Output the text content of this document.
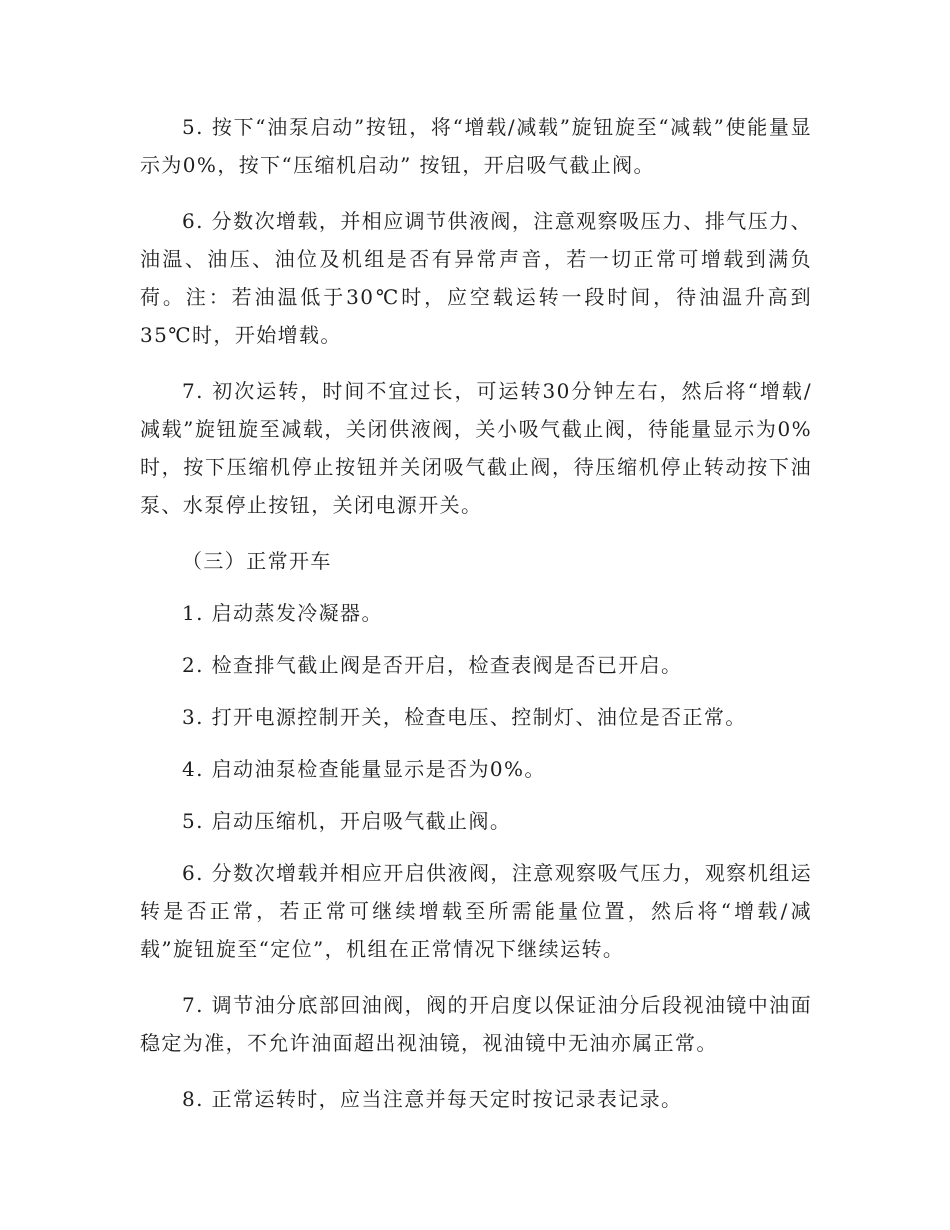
5. 按下“油泵启动”按钮，将“增载/减载”旋钮旋至“减载”使能量显示为0%，按下“压缩机启动” 按钮，开启吸气截止阀。

6. 分数次增载，并相应调节供液阀，注意观察吸压力、排气压力、油温、油压、油位及机组是否有异常声音，若一切正常可增载到满负荷。注：若油温低于30℃时，应空载运转一段时间，待油温升高到35℃时，开始增载。

7. 初次运转，时间不宜过长，可运转30分钟左右，然后将“增载/减载”旋钮旋至减载，关闭供液阀，关小吸气截止阀，待能量显示为0%时，按下压缩机停止按钮并关闭吸气截止阀，待压缩机停止转动按下油泵、水泵停止按钮，关闭电源开关。

（三）正常开车

1. 启动蒸发冷凝器。

2. 检查排气截止阀是否开启，检查表阀是否已开启。

3. 打开电源控制开关，检查电压、控制灯、油位是否正常。

4. 启动油泵检查能量显示是否为0%。

5. 启动压缩机，开启吸气截止阀。

6. 分数次增载并相应开启供液阀，注意观察吸气压力，观察机组运转是否正常，若正常可继续增载至所需能量位置，然后将“增载/减载”旋钮旋至“定位”，机组在正常情况下继续运转。

7. 调节油分底部回油阀，阀的开启度以保证油分后段视油镜中油面稳定为准，不允许油面超出视油镜，视油镜中无油亦属正常。

8. 正常运转时，应当注意并每天定时按记录表记录。
